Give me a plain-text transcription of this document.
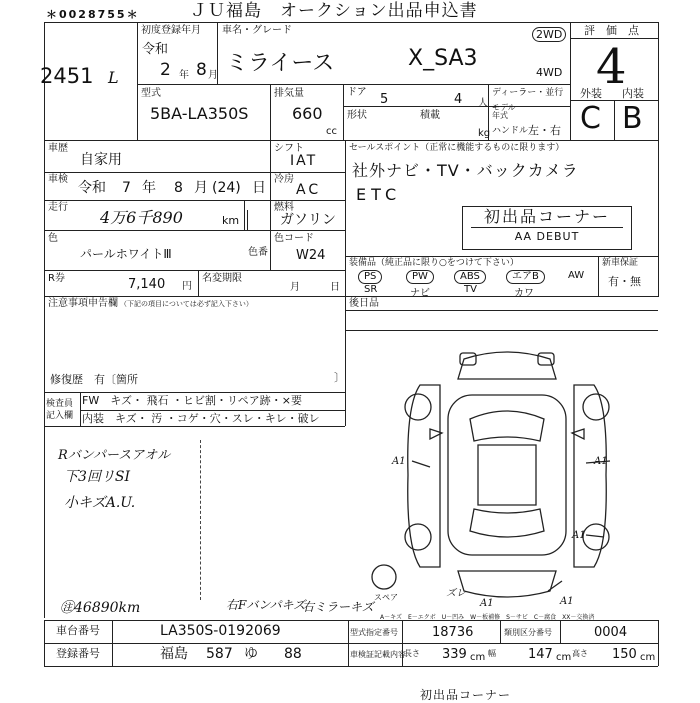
ＪＵ福島　オークション出品申込書
＊0028755＊
2451 L
初度登録年月
令和
2 年 8 月
車名・グレード
ミライース	X_SA3
2WD
4WD
評　価　点
4
外装 内装
C B
型式
5BA-LA350S
排気量
660
cc
ドア 5	4 人
形状	積載
kg
ディーラー・並行
モデル
年式
ハンドル 左・右
車歴
自家用
車検
令和 7 年 8 月 (24) 日
走行
4万6千890	km
シフト
IAT
冷房
AC
燃料
ガソリン
色
パールホワイトⅢ	色番
色コード
W24
R券	7,140 円
名変期限
月	日
セールスポイント（正常に機能するものに限ります）
社外ナビ・TV・バックカメラ
ETC
初出品コーナー
AA DEBUT
装備品（純正品に限り○をつけて下さい）	新車保証
PS	PW	ABS	エアB	AW
SR	ナビ	TV	カワ
有・無
注意事項申告欄 （下記の項目については必ず記入下さい）
修復歴　有〔箇所	〕
後日品
検査員
記入欄
FW　キズ・ 飛石 ・ヒビ割・リペア跡・×要
内装　キズ・ 汚 ・コゲ・穴・スレ・キレ・破レ
Rバンパースアオル
下3回リSI
小キズA.U.
㊟46890km	右Fバンパキズ
右ミラーキズ
A1	A1
A1
A1
ズレ
A1
スペア
A－キズ　E－エクボ　U－凹み　W－板補修　S－サビ　C－腐食　XX－交換済
車台番号	LA350S-0192069
登録番号	福島 587 ゆ 88
型式指定番号	18736	類別区分番号	0004
車検証記載内容
長さ 339 cm 幅 147 cm 高さ 150 cm
初出品コーナー
